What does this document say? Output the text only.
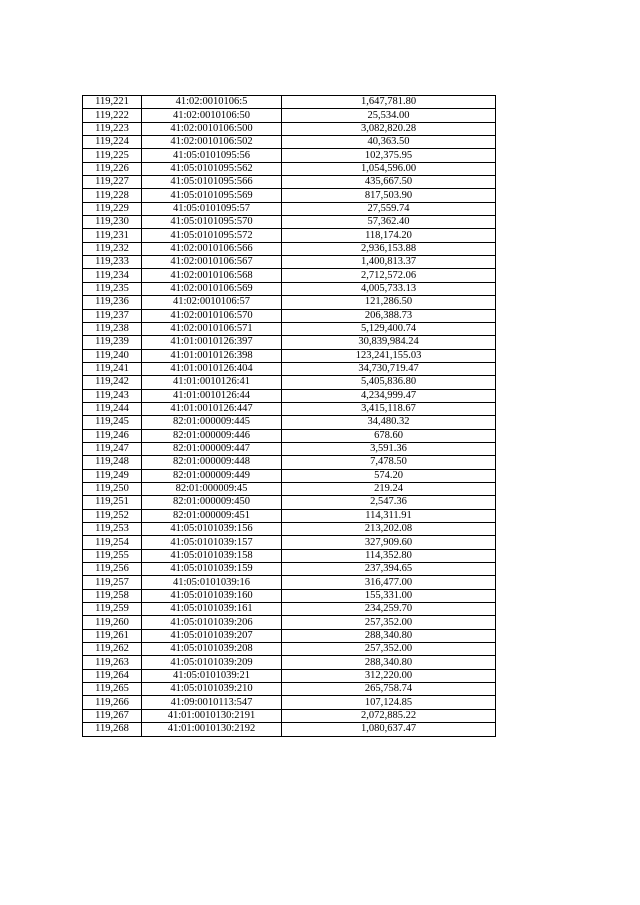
119,221	41:02:0010106:5	1,647,781.80
119,222	41:02:0010106:50	25,534.00
119,223	41:02:0010106:500	3,082,820.28
119,224	41:02:0010106:502	40,363.50
119,225	41:05:0101095:56	102,375.95
119,226	41:05:0101095:562	1,054,596.00
119,227	41:05:0101095:566	435,667.50
119,228	41:05:0101095:569	817,503.90
119,229	41:05:0101095:57	27,559.74
119,230	41:05:0101095:570	57,362.40
119,231	41:05:0101095:572	118,174.20
119,232	41:02:0010106:566	2,936,153.88
119,233	41:02:0010106:567	1,400,813.37
119,234	41:02:0010106:568	2,712,572.06
119,235	41:02:0010106:569	4,005,733.13
119,236	41:02:0010106:57	121,286.50
119,237	41:02:0010106:570	206,388.73
119,238	41:02:0010106:571	5,129,400.74
119,239	41:01:0010126:397	30,839,984.24
119,240	41:01:0010126:398	123,241,155.03
119,241	41:01:0010126:404	34,730,719.47
119,242	41:01:0010126:41	5,405,836.80
119,243	41:01:0010126:44	4,234,999.47
119,244	41:01:0010126:447	3,415,118.67
119,245	82:01:000009:445	34,480.32
119,246	82:01:000009:446	678.60
119,247	82:01:000009:447	3,591.36
119,248	82:01:000009:448	7,478.50
119,249	82:01:000009:449	574.20
119,250	82:01:000009:45	219.24
119,251	82:01:000009:450	2,547.36
119,252	82:01:000009:451	114,311.91
119,253	41:05:0101039:156	213,202.08
119,254	41:05:0101039:157	327,909.60
119,255	41:05:0101039:158	114,352.80
119,256	41:05:0101039:159	237,394.65
119,257	41:05:0101039:16	316,477.00
119,258	41:05:0101039:160	155,331.00
119,259	41:05:0101039:161	234,259.70
119,260	41:05:0101039:206	257,352.00
119,261	41:05:0101039:207	288,340.80
119,262	41:05:0101039:208	257,352.00
119,263	41:05:0101039:209	288,340.80
119,264	41:05:0101039:21	312,220.00
119,265	41:05:0101039:210	265,758.74
119,266	41:09:0010113:547	107,124.85
119,267	41:01:0010130:2191	2,072,885.22
119,268	41:01:0010130:2192	1,080,637.47
